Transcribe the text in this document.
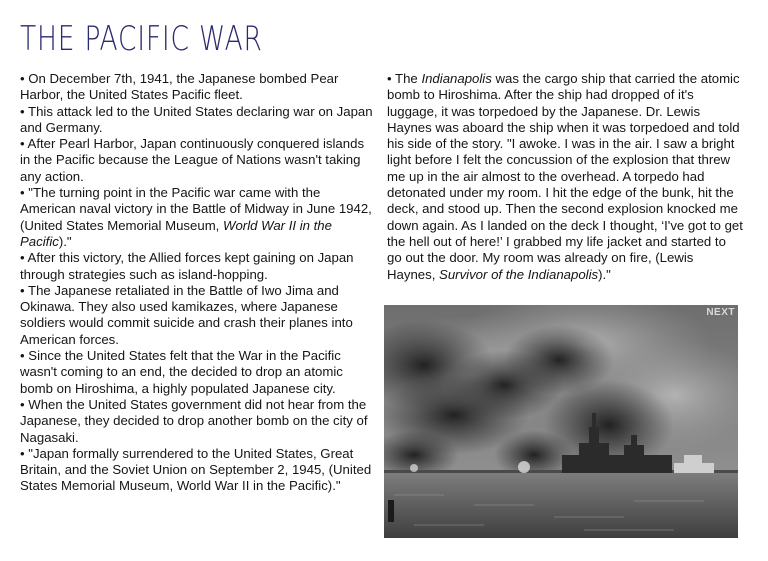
THE PACIFIC WAR

• On December 7th, 1941, the Japanese bombed Pear Harbor, the United States Pacific fleet.

• This attack led to the United States declaring war on Japan and Germany.

• After Pearl Harbor, Japan continuously conquered islands in the Pacific because the League of Nations wasn't taking any action.

• "The turning point in the Pacific war came with the American naval victory in the Battle of Midway in June 1942, (United States Memorial Museum, World War II in the Pacific)."

• After this victory, the Allied forces kept gaining on Japan through strategies such as island-hopping.

• The Japanese retaliated in the Battle of Iwo Jima and Okinawa. They also used kamikazes, where Japanese soldiers would commit suicide and crash their planes into American forces.

• Since the United States felt that the War in the Pacific wasn't coming to an end, the decided to drop an atomic bomb on Hiroshima, a highly populated Japanese city.

• When the United States government did not hear from the Japanese, they decided to drop another bomb on the city of Nagasaki.

• "Japan formally surrendered to the United States, Great Britain, and the Soviet Union on September 2, 1945, (United States Memorial Museum, World War II in the Pacific)."

• The Indianapolis was the cargo ship that carried the atomic bomb to Hiroshima. After the ship had dropped of it's luggage, it was torpedoed by the Japanese. Dr. Lewis Haynes was aboard the ship when it was torpedoed and told his side of the story. "I awoke. I was in the air. I saw a bright light before I felt the concussion of the explosion that threw me up in the air almost to the overhead. A torpedo had detonated under my room. I hit the edge of the bunk, hit the deck, and stood up. Then the second explosion knocked me down again. As I landed on the deck I thought, ‘I've got to get the hell out of here!’ I grabbed my life jacket and started to go out the door. My room was already on fire, (Lewis Haynes, Survivor of the Indianapolis)."

NEXT
